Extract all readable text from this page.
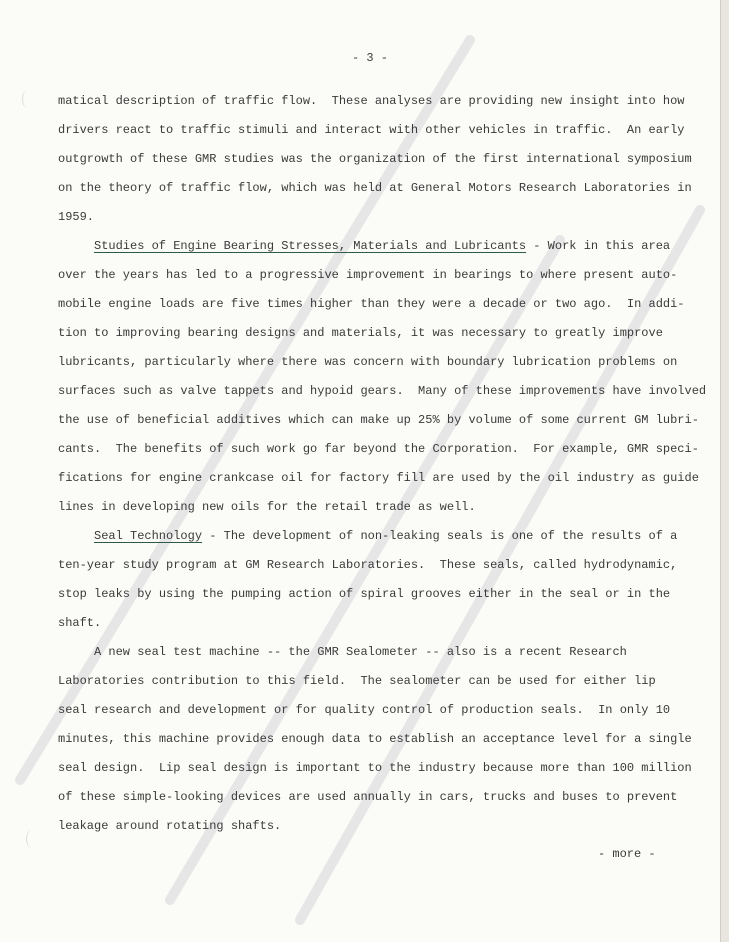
- 3 -
matical description of traffic flow.  These analyses are providing new insight into how
drivers react to traffic stimuli and interact with other vehicles in traffic.  An early
outgrowth of these GMR studies was the organization of the first international symposium
on the theory of traffic flow, which was held at General Motors Research Laboratories in
1959.
Studies of Engine Bearing Stresses, Materials and Lubricants - Work in this area
over the years has led to a progressive improvement in bearings to where present auto-
mobile engine loads are five times higher than they were a decade or two ago.  In addi-
tion to improving bearing designs and materials, it was necessary to greatly improve
lubricants, particularly where there was concern with boundary lubrication problems on
surfaces such as valve tappets and hypoid gears.  Many of these improvements have involved
the use of beneficial additives which can make up 25% by volume of some current GM lubri-
cants.  The benefits of such work go far beyond the Corporation.  For example, GMR speci-
fications for engine crankcase oil for factory fill are used by the oil industry as guide
lines in developing new oils for the retail trade as well.
Seal Technology - The development of non-leaking seals is one of the results of a
ten-year study program at GM Research Laboratories.  These seals, called hydrodynamic,
stop leaks by using the pumping action of spiral grooves either in the seal or in the
shaft.
A new seal test machine -- the GMR Sealometer -- also is a recent Research
Laboratories contribution to this field.  The sealometer can be used for either lip
seal research and development or for quality control of production seals.  In only 10
minutes, this machine provides enough data to establish an acceptance level for a single
seal design.  Lip seal design is important to the industry because more than 100 million
of these simple-looking devices are used annually in cars, trucks and buses to prevent
leakage around rotating shafts.
- more -
